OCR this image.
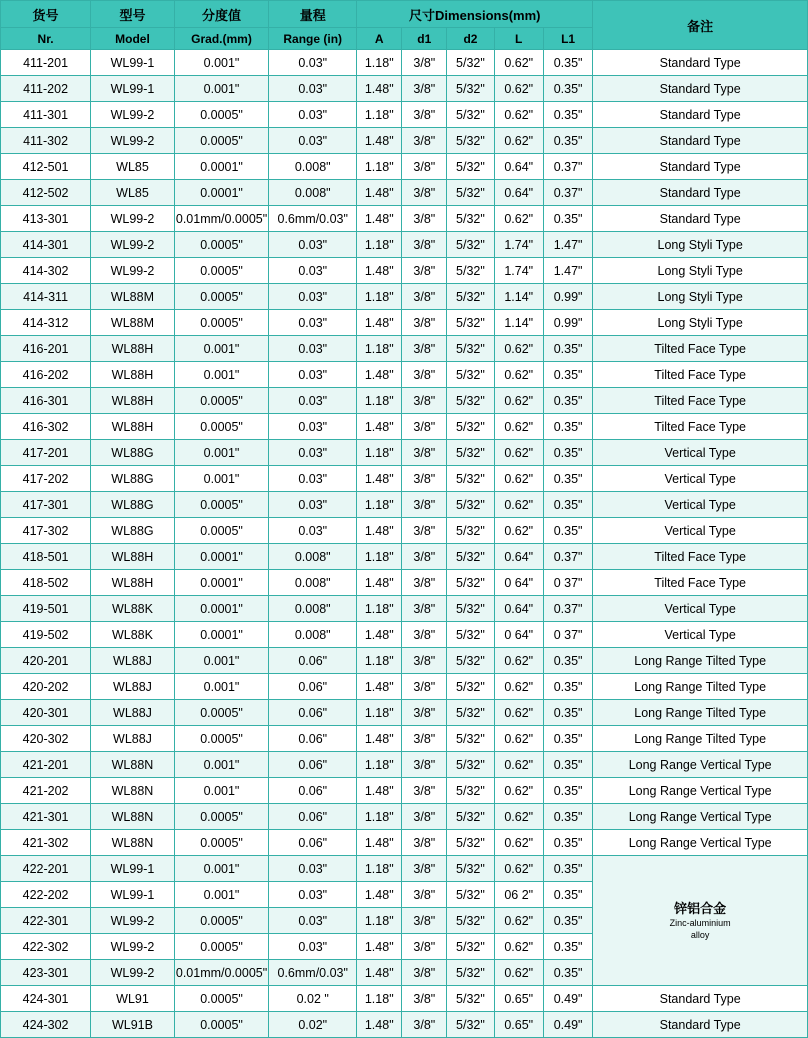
货号	型号	分度值	量程	尺寸Dimensions(mm)					备注
Nr.	Model	Grad.(mm)	Range (in)	A	d1	d2	L	L1	
411-201	WL99-1	0.001"	0.03"	1.18"	3/8"	5/32"	0.62"	0.35"	Standard Type
411-202	WL99-1	0.001"	0.03"	1.48"	3/8"	5/32"	0.62"	0.35"	Standard Type
411-301	WL99-2	0.0005"	0.03"	1.18"	3/8"	5/32"	0.62"	0.35"	Standard Type
411-302	WL99-2	0.0005"	0.03"	1.48"	3/8"	5/32"	0.62"	0.35"	Standard Type
412-501	WL85	0.0001"	0.008"	1.18"	3/8"	5/32"	0.64"	0.37"	Standard Type
412-502	WL85	0.0001"	0.008"	1.48"	3/8"	5/32"	0.64"	0.37"	Standard Type
413-301	WL99-2	0.01mm/0.0005"	0.6mm/0.03"	1.48"	3/8"	5/32"	0.62"	0.35"	Standard Type
414-301	WL99-2	0.0005"	0.03"	1.18"	3/8"	5/32"	1.74"	1.47"	Long Styli Type
414-302	WL99-2	0.0005"	0.03"	1.48"	3/8"	5/32"	1.74"	1.47"	Long Styli Type
414-311	WL88M	0.0005"	0.03"	1.18"	3/8"	5/32"	1.14"	0.99"	Long Styli Type
414-312	WL88M	0.0005"	0.03"	1.48"	3/8"	5/32"	1.14"	0.99"	Long Styli Type
416-201	WL88H	0.001"	0.03"	1.18"	3/8"	5/32"	0.62"	0.35"	Tilted Face Type
416-202	WL88H	0.001"	0.03"	1.48"	3/8"	5/32"	0.62"	0.35"	Tilted Face Type
416-301	WL88H	0.0005"	0.03"	1.18"	3/8"	5/32"	0.62"	0.35"	Tilted Face Type
416-302	WL88H	0.0005"	0.03"	1.48"	3/8"	5/32"	0.62"	0.35"	Tilted Face Type
417-201	WL88G	0.001"	0.03"	1.18"	3/8"	5/32"	0.62"	0.35"	Vertical Type
417-202	WL88G	0.001"	0.03"	1.48"	3/8"	5/32"	0.62"	0.35"	Vertical Type
417-301	WL88G	0.0005"	0.03"	1.18"	3/8"	5/32"	0.62"	0.35"	Vertical Type
417-302	WL88G	0.0005"	0.03"	1.48"	3/8"	5/32"	0.62"	0.35"	Vertical Type
418-501	WL88H	0.0001"	0.008"	1.18"	3/8"	5/32"	0.64"	0.37"	Tilted Face Type
418-502	WL88H	0.0001"	0.008"	1.48"	3/8"	5/32"	0 64"	0 37"	Tilted Face Type
419-501	WL88K	0.0001"	0.008"	1.18"	3/8"	5/32"	0.64"	0.37"	Vertical Type
419-502	WL88K	0.0001"	0.008"	1.48"	3/8"	5/32"	0 64"	0 37"	Vertical Type
420-201	WL88J	0.001"	0.06"	1.18"	3/8"	5/32"	0.62"	0.35"	Long Range Tilted Type
420-202	WL88J	0.001"	0.06"	1.48"	3/8"	5/32"	0.62"	0.35"	Long Range Tilted Type
420-301	WL88J	0.0005"	0.06"	1.18"	3/8"	5/32"	0.62"	0.35"	Long Range Tilted Type
420-302	WL88J	0.0005"	0.06"	1.48"	3/8"	5/32"	0.62"	0.35"	Long Range Tilted Type
421-201	WL88N	0.001"	0.06"	1.18"	3/8"	5/32"	0.62"	0.35"	Long Range Vertical Type
421-202	WL88N	0.001"	0.06"	1.48"	3/8"	5/32"	0.62"	0.35"	Long Range Vertical Type
421-301	WL88N	0.0005"	0.06"	1.18"	3/8"	5/32"	0.62"	0.35"	Long Range Vertical Type
421-302	WL88N	0.0005"	0.06"	1.48"	3/8"	5/32"	0.62"	0.35"	Long Range Vertical Type
422-201	WL99-1	0.001"	0.03"	1.18"	3/8"	5/32"	0.62"	0.35"	锌铝合金
Zinc-aluminium
alloy

422-202	WL99-1	0.001"	0.03"	1.48"	3/8"	5/32"	06 2"	0.35"	
422-301	WL99-2	0.0005"	0.03"	1.18"	3/8"	5/32"	0.62"	0.35"	
422-302	WL99-2	0.0005"	0.03"	1.48"	3/8"	5/32"	0.62"	0.35"	
423-301	WL99-2	0.01mm/0.0005"	0.6mm/0.03"	1.48"	3/8"	5/32"	0.62"	0.35"	
424-301	WL91	0.0005"	0.02 "	1.18"	3/8"	5/32"	0.65"	0.49"	Standard Type
424-302	WL91B	0.0005"	0.02"	1.48"	3/8"	5/32"	0.65"	0.49"	Standard Type
